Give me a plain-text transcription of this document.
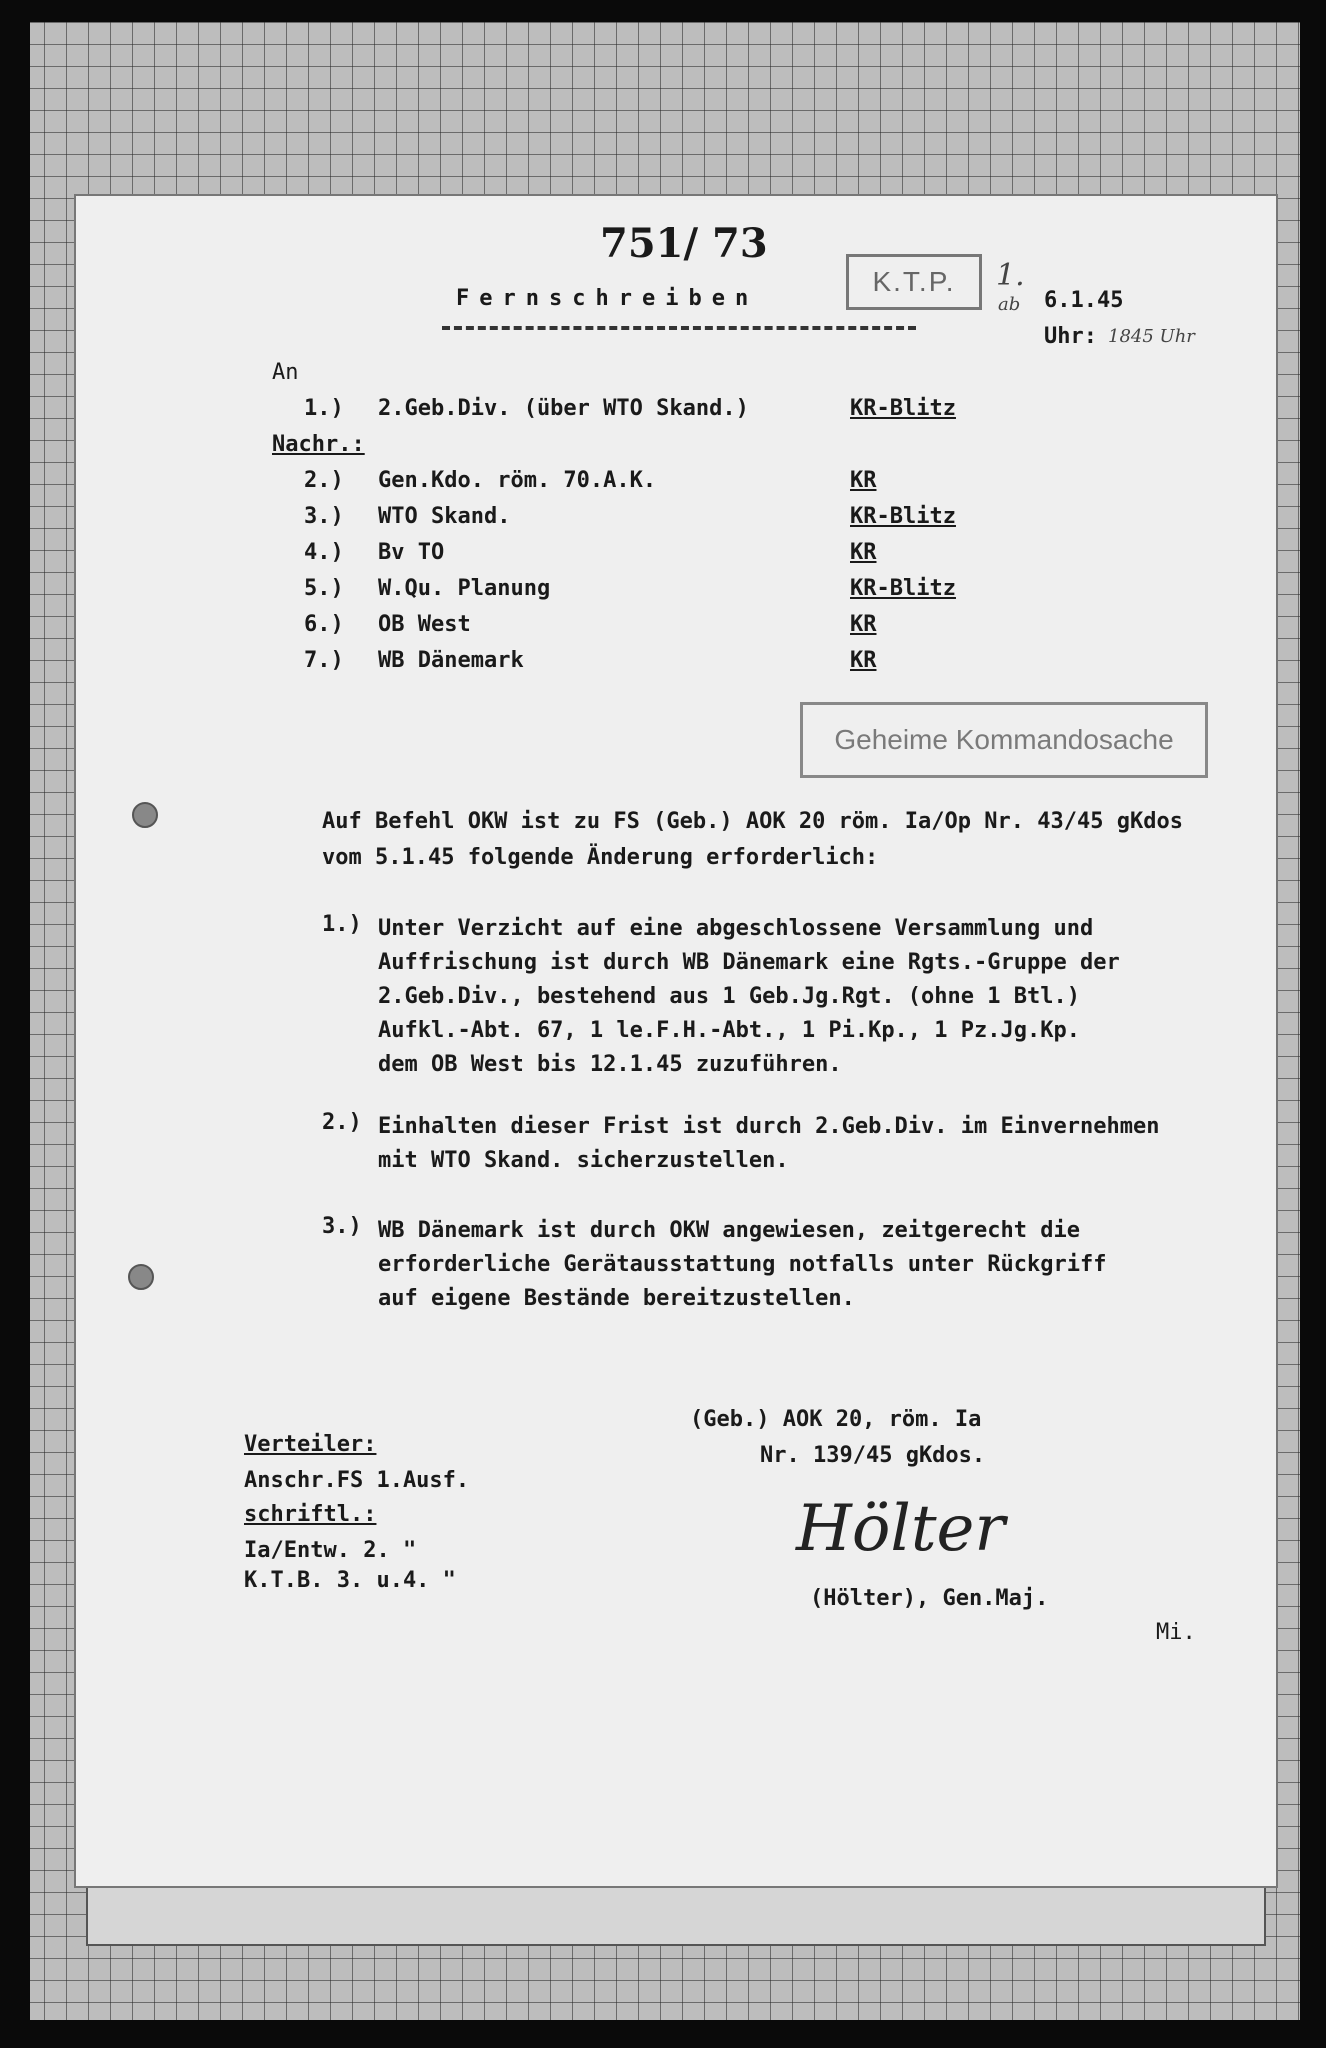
751/ 73
Fernschreiben
K.T.P.	1.
ab 6.1.45
Uhr: 1845 Uhr
An
1.) 2.Geb.Div. (über WTO Skand.)	KR-Blitz
Nachr.:
2.) Gen.Kdo. röm. 70.A.K.	KR
3.) WTO Skand.	KR-Blitz
4.) Bv TO	KR
5.) W.Qu. Planung	KR-Blitz
6.) OB West	KR
7.) WB Dänemark	KR
Geheime Kommandosache
Auf Befehl OKW ist zu FS (Geb.) AOK 20 röm. Ia/Op Nr. 43/45 gKdos
vom 5.1.45 folgende Änderung erforderlich:
1.) Unter Verzicht auf eine abgeschlossene Versammlung und
Auffrischung ist durch WB Dänemark eine Rgts.-Gruppe der
2.Geb.Div., bestehend aus 1 Geb.Jg.Rgt. (ohne 1 Btl.)
Aufkl.-Abt. 67, 1 le.F.H.-Abt., 1 Pi.Kp., 1 Pz.Jg.Kp.
dem OB West bis 12.1.45 zuzuführen.
2.) Einhalten dieser Frist ist durch 2.Geb.Div. im Einvernehmen
mit WTO Skand. sicherzustellen.
3.) WB Dänemark ist durch OKW angewiesen, zeitgerecht die
erforderliche Gerätausstattung notfalls unter Rückgriff
auf eigene Bestände bereitzustellen.
(Geb.) AOK 20, röm. Ia
Nr. 139/45 gKdos.
Verteiler:
Anschr.FS 1.Ausf.
schriftl.:
Ia/Entw. 2. "
K.T.B. 3. u.4. "
Hölter
(Hölter), Gen.Maj.
Mi.
